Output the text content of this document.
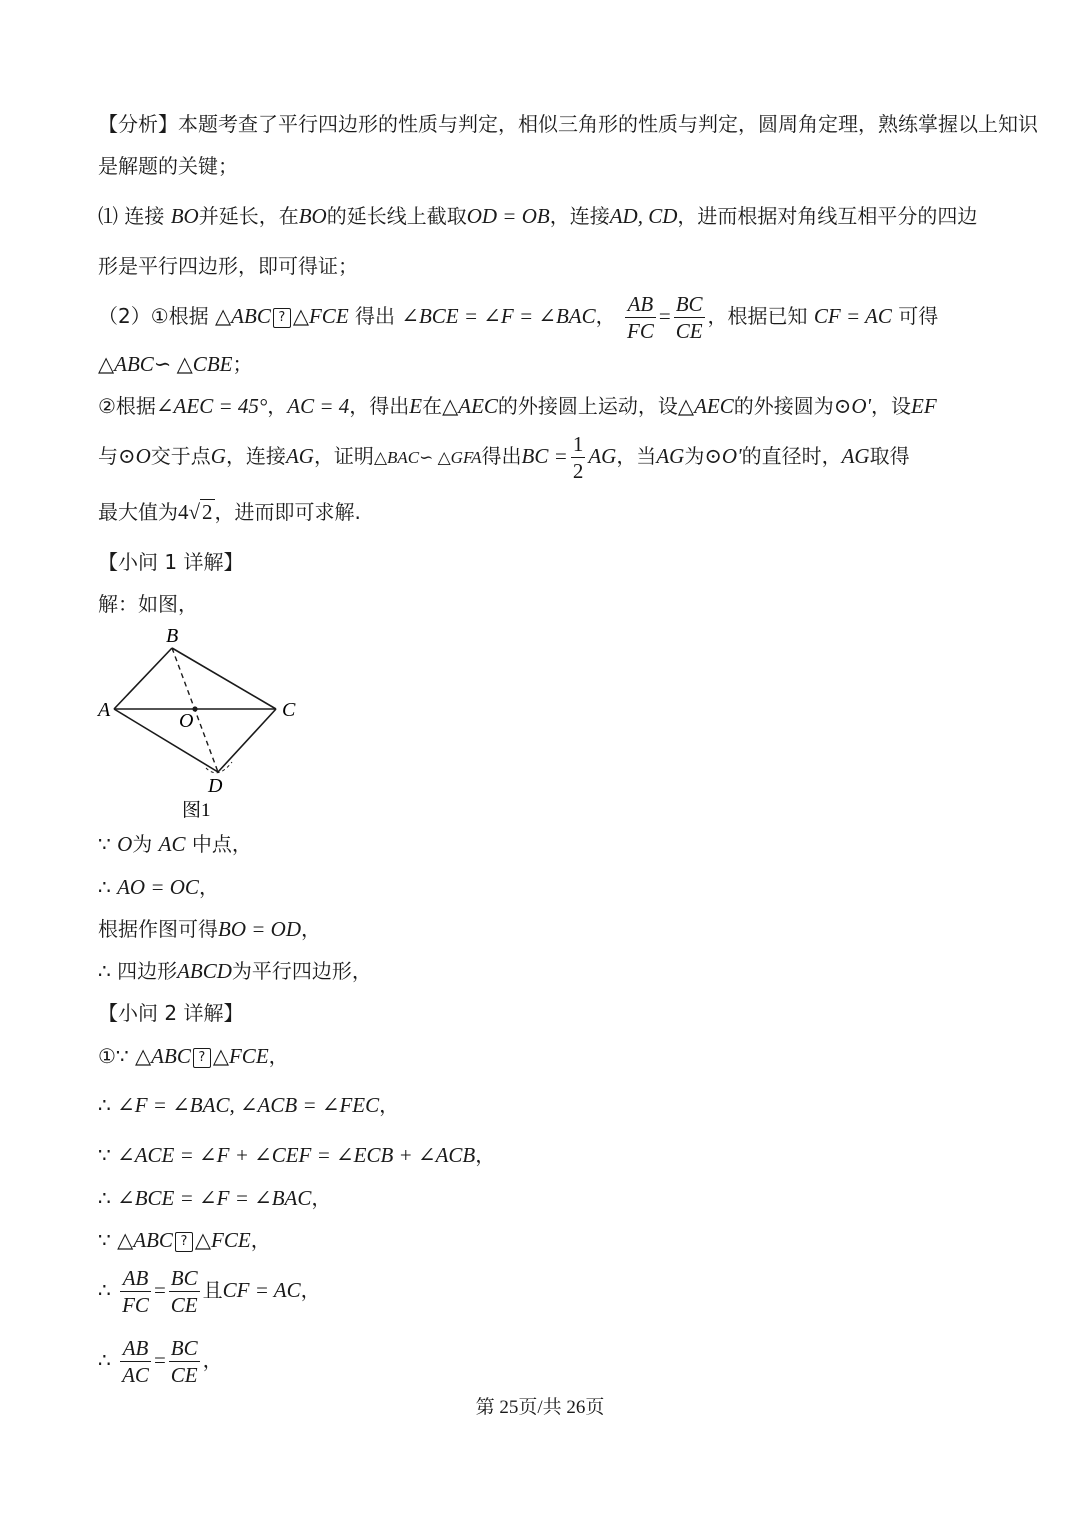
【分析】本题考查了平行四边形的性质与判定，相似三角形的性质与判定，圆周角定理，熟练掌握以上知识
是解题的关键；
⑴ 连接 BO并延长，在BO的延长线上截取OD = OB，连接AD, CD，进而根据对角线互相平分的四边
形是平行四边形，即可得证；
（2）①根据 △ABC ? △FCE 得出 ∠BCE = ∠F = ∠BAC， $\frac{AB}{FC} = \frac{BC}{CE}$ ，根据已知 CF = AC 可得
△ABC∽ △CBE；
②根据∠AEC = 45°，AC = 4，得出E在△AEC的外接圆上运动，设△AEC的外接圆为⊙O'，设EF
与⊙O交于点G，连接AG，证明△BAC∽ △GFA得出BC = $\frac{1}{2}$ AG，当AG为⊙O'的直径时，AG取得
最大值为4√2 ，进而即可求解.
【小问 1 详解】
解：如图，
B
A	C
O
D
图1
∵ O为 AC 中点，
∴ AO = OC，
根据作图可得BO = OD，
∴ 四边形ABCD为平行四边形，
【小问 2 详解】
①∵ △ABC ? △FCE，
∴ ∠F = ∠BAC, ∠ACB = ∠FEC，
∵ ∠ACE = ∠F + ∠CEF = ∠ECB + ∠ACB，
∴ ∠BCE = ∠F = ∠BAC，
∵ △ABC ? △FCE，
∴ $\frac{AB}{FC} = \frac{BC}{CE}$ 且CF = AC，
∴ $\frac{AB}{AC} = \frac{BC}{CE}$ ，
第 25页/共 26页
